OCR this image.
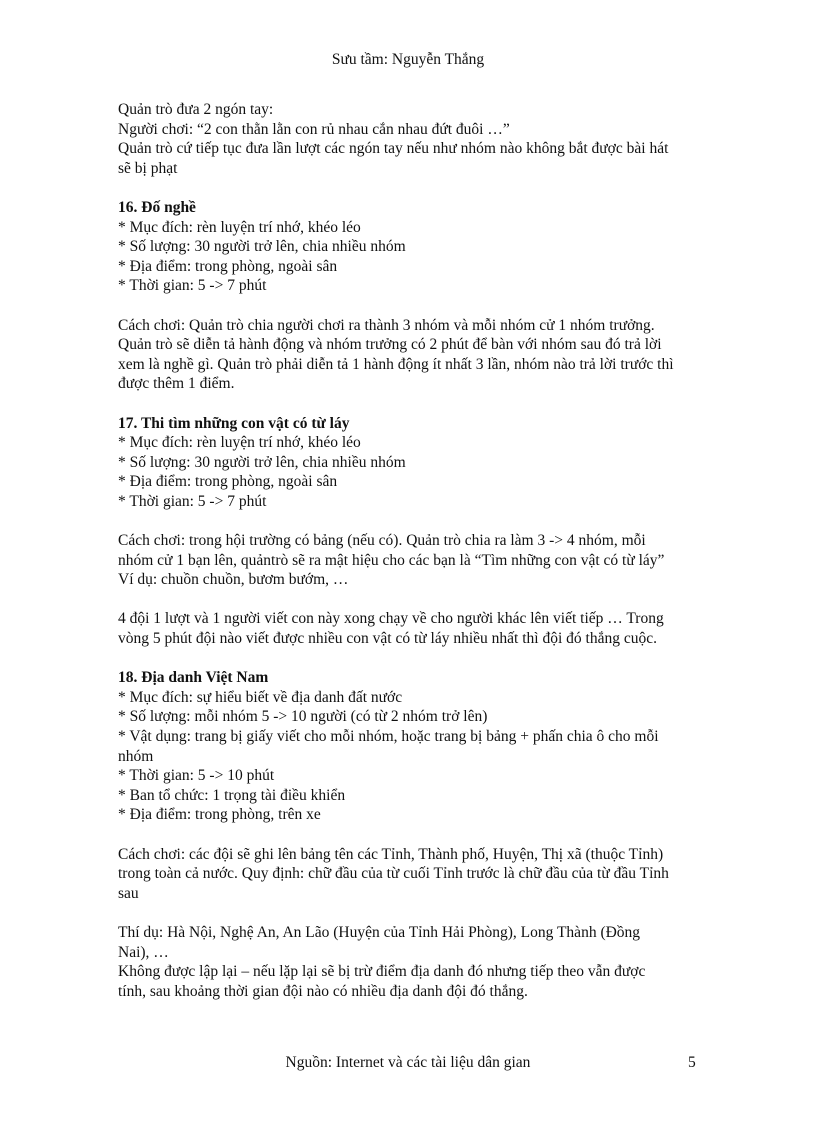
Sưu tầm: Nguyễn Thắng
Quản trò đưa 2 ngón tay:
Người chơi: “2 con thằn lằn con rủ nhau cắn nhau đứt đuôi …”
Quản trò cứ tiếp tục đưa lần lượt các ngón tay nếu như nhóm nào không bắt được bài hát
sẽ bị phạt
16. Đố nghề
* Mục đích: rèn luyện trí nhớ, khéo léo
* Số lượng: 30 người trở lên, chia nhiều nhóm
* Địa điểm: trong phòng, ngoài sân
* Thời gian: 5 -> 7 phút
Cách chơi: Quản trò chia người chơi ra thành 3 nhóm và mỗi nhóm cử 1 nhóm trưởng.
Quản trò sẽ diễn tả hành động và nhóm trưởng có 2 phút để bàn với nhóm sau đó trả lời
xem là nghề gì. Quản trò phải diễn tả 1 hành động ít nhất 3 lần, nhóm nào trả lời trước thì
được thêm 1 điểm.
17. Thi tìm những con vật có từ láy
* Mục đích: rèn luyện trí nhớ, khéo léo
* Số lượng: 30 người trở lên, chia nhiều nhóm
* Địa điểm: trong phòng, ngoài sân
* Thời gian: 5 -> 7 phút
Cách chơi: trong hội trường có bảng (nếu có). Quản trò chia ra làm 3 -> 4 nhóm, mỗi
nhóm cử 1 bạn lên, quảntrò sẽ ra mật hiệu cho các bạn là “Tìm những con vật có từ láy”
Ví dụ: chuồn chuồn, bươm bướm, …
4 đội 1 lượt và 1 người viết con này xong chạy về cho người khác lên viết tiếp … Trong
vòng 5 phút đội nào viết được nhiều con vật có từ láy nhiều nhất thì đội đó thắng cuộc.
18. Địa danh Việt Nam
* Mục đích: sự hiểu biết về địa danh đất nước
* Số lượng: mỗi nhóm 5 -> 10 người (có từ 2 nhóm trở lên)
* Vật dụng: trang bị giấy viết cho mỗi nhóm, hoặc trang bị bảng + phấn chia ô cho mỗi
nhóm
* Thời gian: 5 -> 10 phút
* Ban tổ chức: 1 trọng tài điều khiển
* Địa điểm: trong phòng, trên xe
Cách chơi: các đội sẽ ghi lên bảng tên các Tỉnh, Thành phố, Huyện, Thị xã (thuộc Tỉnh)
trong toàn cả nước. Quy định: chữ đầu của từ cuối Tỉnh trước là chữ đầu của từ đầu Tỉnh
sau
Thí dụ: Hà Nội, Nghệ An, An Lão (Huyện của Tỉnh Hải Phòng), Long Thành (Đồng
Nai), …
Không được lập lại – nếu lặp lại sẽ bị trừ điểm địa danh đó nhưng tiếp theo vẫn được
tính, sau khoảng thời gian đội nào có nhiều địa danh đội đó thắng.
Nguồn: Internet và các tài liệu dân gian	5
